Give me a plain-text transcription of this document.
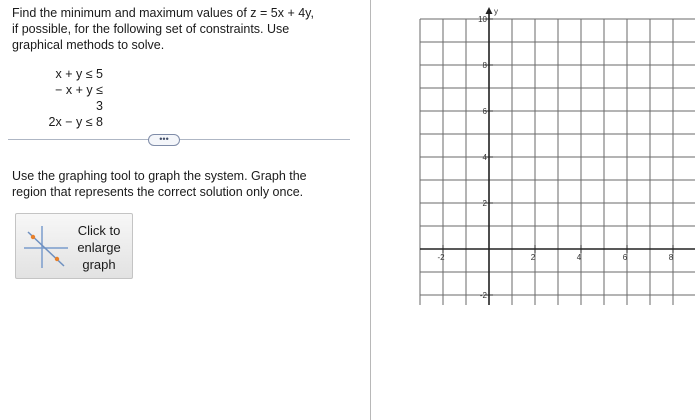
Find the minimum and maximum values of z = 5x + 4y,
if possible, for the following set of constraints. Use
graphical methods to solve.
x + y ≤ 5
− x + y ≤ 3
2x − y ≤ 8
•••
Use the graphing tool to graph the system. Graph the
region that represents the correct solution only once.
Click to
enlarge
graph
y
10
8
6
4
2
-2
-2	2	4	6	8
